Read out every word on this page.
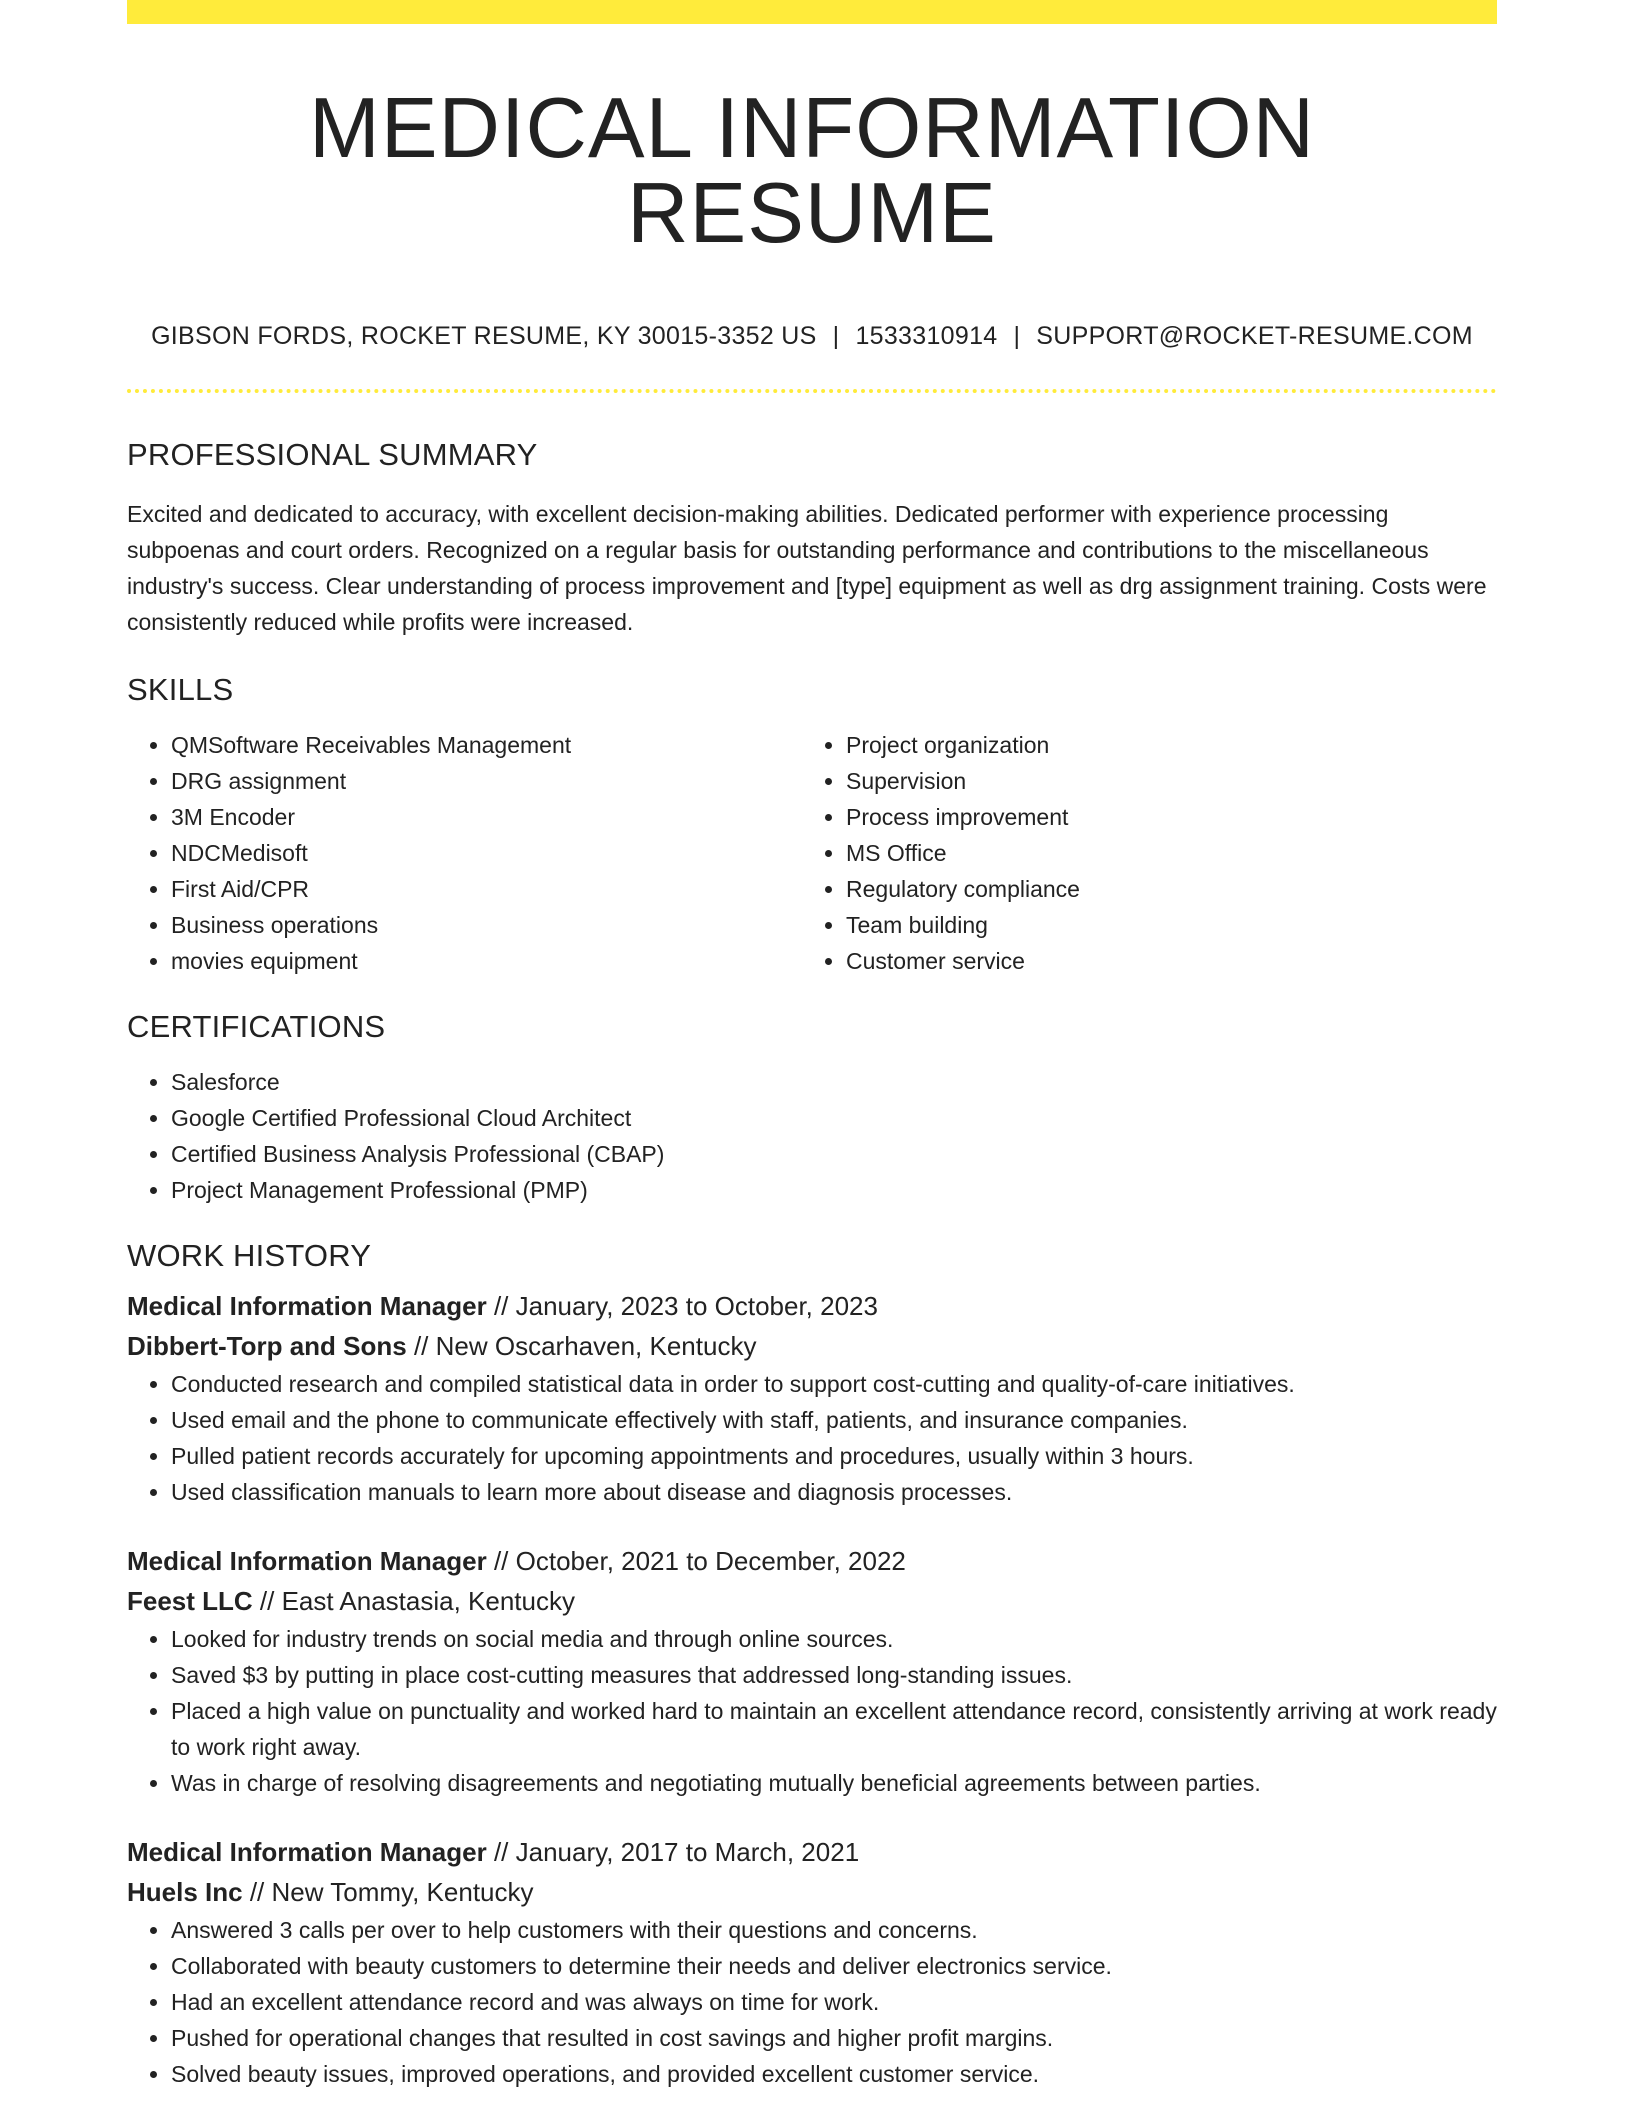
MEDICAL INFORMATION RESUME
GIBSON FORDS, ROCKET RESUME, KY 30015-3352 US | 1533310914 | SUPPORT@ROCKET-RESUME.COM
PROFESSIONAL SUMMARY

Excited and dedicated to accuracy, with excellent decision-making abilities. Dedicated performer with experience processing subpoenas and court orders. Recognized on a regular basis for outstanding performance and contributions to the miscellaneous industry's success. Clear understanding of process improvement and [type] equipment as well as drg assignment training. Costs were consistently reduced while profits were increased.

SKILLS
• QMSoftware Receivables Management
• DRG assignment
• 3M Encoder
• NDCMedisoft
• First Aid/CPR
• Business operations
• movies equipment
• Project organization
• Supervision
• Process improvement
• MS Office
• Regulatory compliance
• Team building
• Customer service
CERTIFICATIONS
• Salesforce
• Google Certified Professional Cloud Architect
• Certified Business Analysis Professional (CBAP)
• Project Management Professional (PMP)
WORK HISTORY
Medical Information Manager // January, 2023 to October, 2023
Dibbert-Torp and Sons // New Oscarhaven, Kentucky
• Conducted research and compiled statistical data in order to support cost-cutting and quality-of-care initiatives.
• Used email and the phone to communicate effectively with staff, patients, and insurance companies.
• Pulled patient records accurately for upcoming appointments and procedures, usually within 3 hours.
• Used classification manuals to learn more about disease and diagnosis processes.
Medical Information Manager // October, 2021 to December, 2022
Feest LLC // East Anastasia, Kentucky
• Looked for industry trends on social media and through online sources.
• Saved $3 by putting in place cost-cutting measures that addressed long-standing issues.
• Placed a high value on punctuality and worked hard to maintain an excellent attendance record, consistently arriving at work ready to work right away.
• Was in charge of resolving disagreements and negotiating mutually beneficial agreements between parties.
Medical Information Manager // January, 2017 to March, 2021
Huels Inc // New Tommy, Kentucky
• Answered 3 calls per over to help customers with their questions and concerns.
• Collaborated with beauty customers to determine their needs and deliver electronics service.
• Had an excellent attendance record and was always on time for work.
• Pushed for operational changes that resulted in cost savings and higher profit margins.
• Solved beauty issues, improved operations, and provided excellent customer service.
